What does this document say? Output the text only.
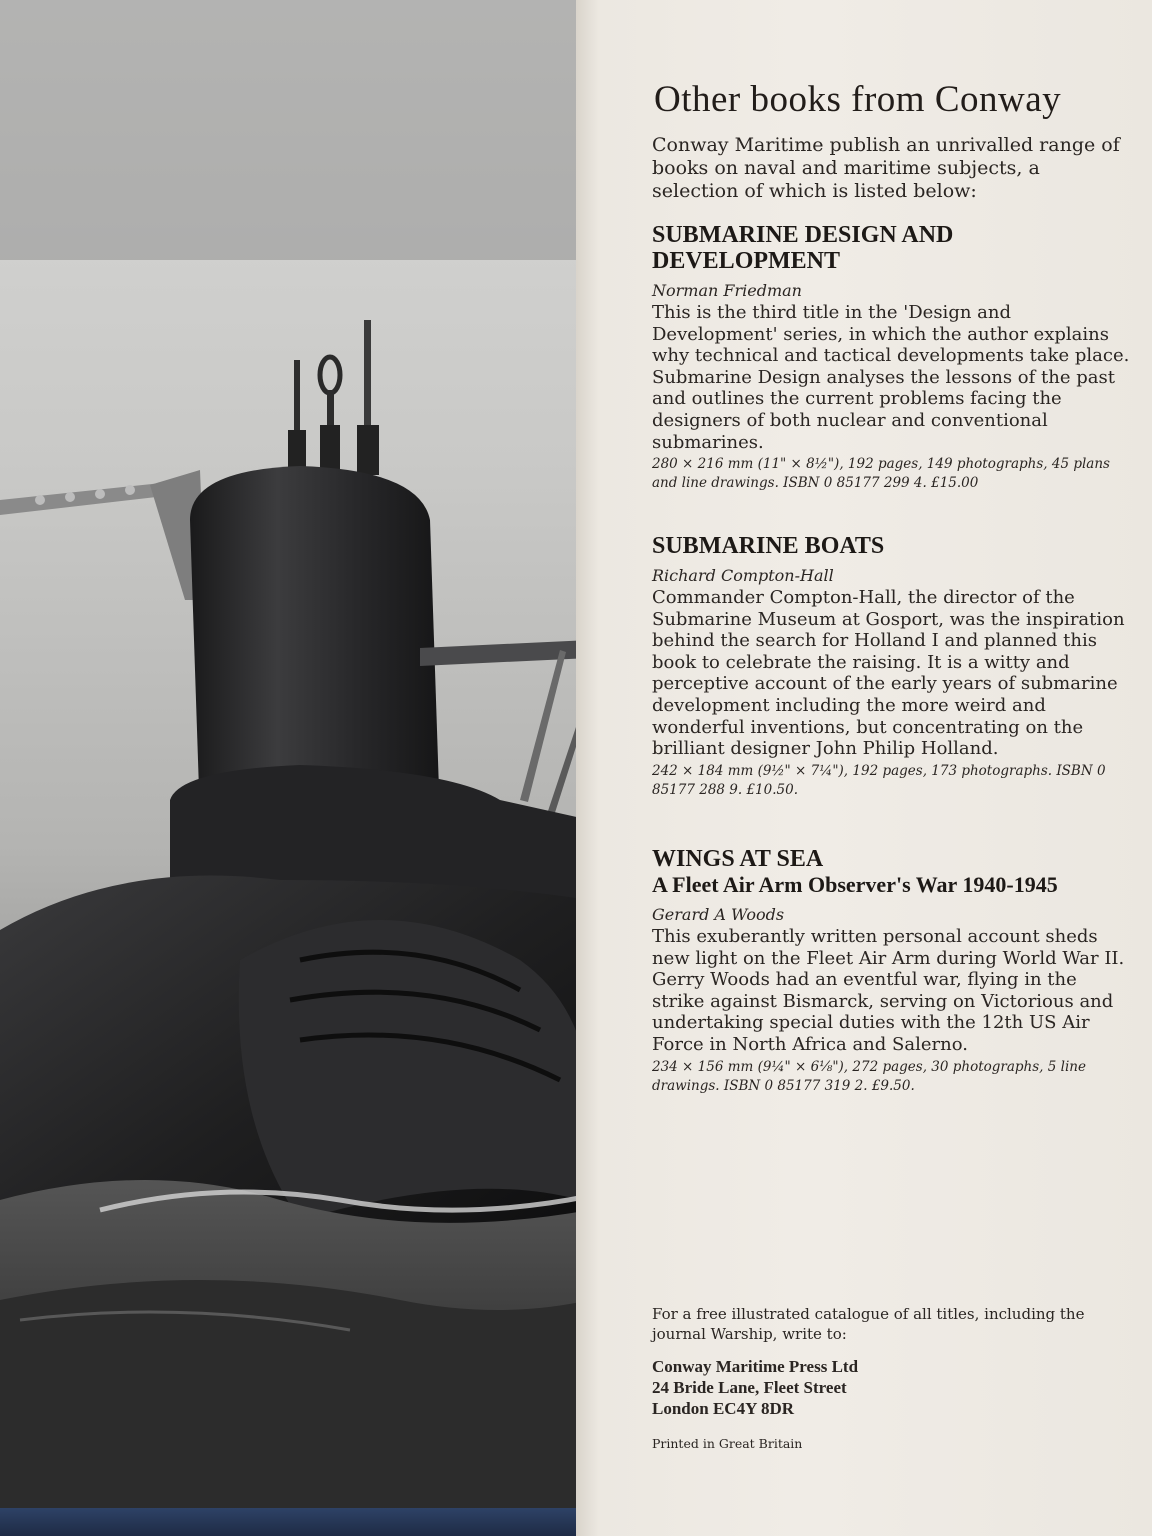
Other books from Conway

Conway Maritime publish an unrivalled range of books on naval and maritime subjects, a selection of which is listed below:

SUBMARINE DESIGN AND DEVELOPMENT
Norman Friedman
This is the third title in the 'Design and Development' series, in which the author explains why technical and tactical developments take place. Submarine Design analyses the lessons of the past and outlines the current problems facing the designers of both nuclear and conventional submarines.
280 × 216 mm (11" × 8½"), 192 pages, 149 photographs, 45 plans and line drawings. ISBN 0 85177 299 4. £15.00
SUBMARINE BOATS
Richard Compton-Hall
Commander Compton-Hall, the director of the Submarine Museum at Gosport, was the inspiration behind the search for Holland I and planned this book to celebrate the raising. It is a witty and perceptive account of the early years of submarine development including the more weird and wonderful inventions, but concentrating on the brilliant designer John Philip Holland.
242 × 184 mm (9½" × 7¼"), 192 pages, 173 photographs. ISBN 0 85177 288 9. £10.50.
WINGS AT SEA
A Fleet Air Arm Observer's War 1940-1945
Gerard A Woods
This exuberantly written personal account sheds new light on the Fleet Air Arm during World War II. Gerry Woods had an eventful war, flying in the strike against Bismarck, serving on Victorious and undertaking special duties with the 12th US Air Force in North Africa and Salerno.
234 × 156 mm (9¼" × 6⅛"), 272 pages, 30 photographs, 5 line drawings. ISBN 0 85177 319 2. £9.50.
For a free illustrated catalogue of all titles, including the journal Warship, write to:
Conway Maritime Press Ltd
24 Bride Lane, Fleet Street
London EC4Y 8DR
Printed in Great Britain
